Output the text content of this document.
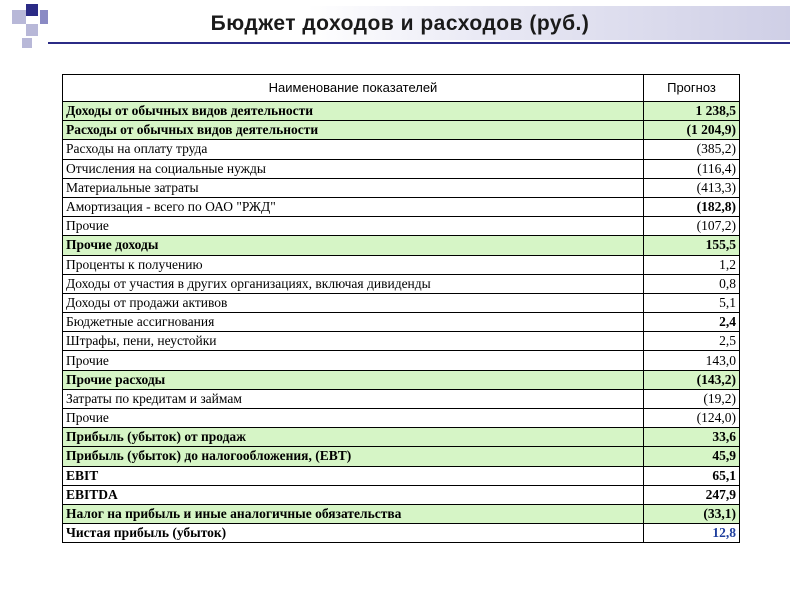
Бюджет доходов и расходов (руб.)
Наименование показателей	Прогноз
Доходы от обычных видов деятельности	1 238,5
Расходы от обычных видов деятельности	(1 204,9)
Расходы на оплату труда	(385,2)
Отчисления на социальные нужды	(116,4)
Материальные затраты	(413,3)
Амортизация - всего по ОАО "РЖД"	(182,8)
Прочие	(107,2)
Прочие доходы	155,5
Проценты к получению	1,2
Доходы от участия в других организациях, включая дивиденды	0,8
Доходы от продажи активов	5,1
Бюджетные ассигнования	2,4
Штрафы, пени, неустойки	2,5
Прочие	143,0
Прочие расходы	(143,2)
Затраты по кредитам и займам	(19,2)
Прочие	(124,0)
Прибыль (убыток) от продаж	33,6
Прибыль (убыток) до налогообложения, (EBT)	45,9
EBIT	65,1
EBITDA	247,9
Налог на прибыль и иные аналогичные обязательства	(33,1)
Чистая прибыль (убыток)	12,8
